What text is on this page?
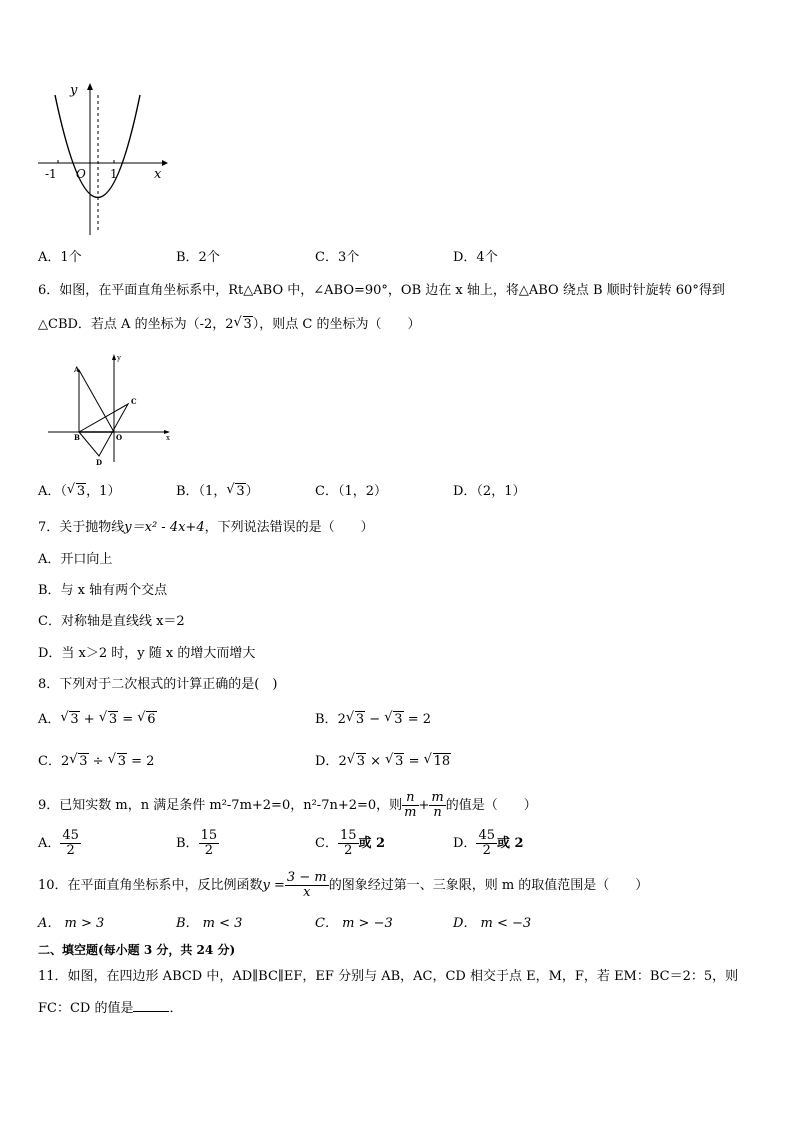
y
x
O
-1	1
A．1个	B．2个	C．3个	D．4个
6．如图，在平面直角坐标系中，Rt△ABO 中，∠ABO=90°，OB 边在 x 轴上，将△ABO 绕点 B 顺时针旋转 60°得到
△CBD．若点 A 的坐标为（-2，2 √ 3），则点 C 的坐标为（　　）
A
B
C
D
O	x
y
A．（ √ 3，1）	B．（1， √ 3）	C．（1，2）	D．（2，1）
7．关于抛物线y＝x² - 4x+4，下列说法错误的是（　　）
A．开口向上
B．与 x 轴有两个交点
C．对称轴是直线线 x＝2
D．当 x＞2 时，y 随 x 的增大而增大
8．下列对于二次根式的计算正确的是(　)
A． √ 3 + √ 3 = √ 6	B．2 √ 3 − √ 3 = 2
C．2 √ 3 ÷ √ 3 = 2	D．2 √ 3 × √ 3 = √ 18
9．已知实数 m，n 满足条件 m²-7m+2=0，n²-7n+2=0，则 $\frac{n}{m} + \frac{m}{n}$ 的值是（　　）
A． $\frac{45}{2}$	B． $\frac{15}{2}$	C． $\frac{15}{2}$ 或 2	D． $\frac{45}{2}$ 或 2
10．在平面直角坐标系中，反比例函数$y = \frac{3 - m}{x}$ 的图象经过第一、三象限，则 m 的取值范围是（　　）
A． m > 3	B． m < 3	C． m > −3	D． m < −3
二、填空题(每小题 3 分，共 24 分)
11．如图，在四边形 ABCD 中，AD∥BC∥EF，EF 分别与 AB，AC，CD 相交于点 E，M，F，若 EM：BC＝2：5，则
FC：CD 的值是	．
